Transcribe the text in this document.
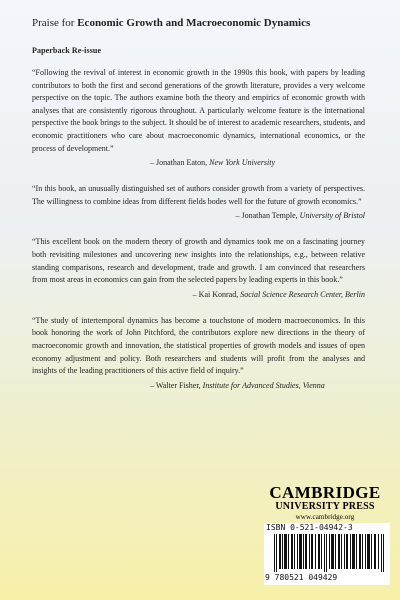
Praise for Economic Growth and Macroeconomic Dynamics
Paperback Re-issue

“Following the revival of interest in economic growth in the 1990s this book, with papers by leading contributors to both the first and second generations of the growth literature, provides a very welcome perspective on the topic. The authors examine both the theory and empirics of economic growth with analyses that are consistently rigorous throughout. A particularly welcome feature is the international perspective the book brings to the subject. It should be of interest to academic researchers, students, and economic practitioners who care about macroeconomic dynamics, international economics, or the process of development.”

– Jonathan Eaton, New York University

“In this book, an unusually distinguished set of authors consider growth from a variety of perspectives. The willingness to combine ideas from different fields bodes well for the future of growth economics.”

– Jonathan Temple, University of Bristol

“This excellent book on the modern theory of growth and dynamics took me on a fascinating journey both revisiting milestones and uncovering new insights into the relationships, e.g., between relative standing comparisons, research and development, trade and growth. I am convinced that researchers from most areas in economics can gain from the selected papers by leading experts in this book.”

– Kai Konrad, Social Science Research Center, Berlin

“The study of intertemporal dynamics has become a touchstone of modern macroeconomics. In this book honoring the work of John Pitchford, the contributors explore new directions in the theory of macroeconomic growth and innovation, the statistical properties of growth models and issues of open economy adjustment and policy. Both researchers and students will profit from the analyses and insights of the leading practitioners of this active field of inquiry.”

– Walter Fisher, Institute for Advanced Studies, Vienna
CAMBRIDGE
UNIVERSITY PRESS
www.cambridge.org
ISBN 0-521-04942-3
9 780521 049429
